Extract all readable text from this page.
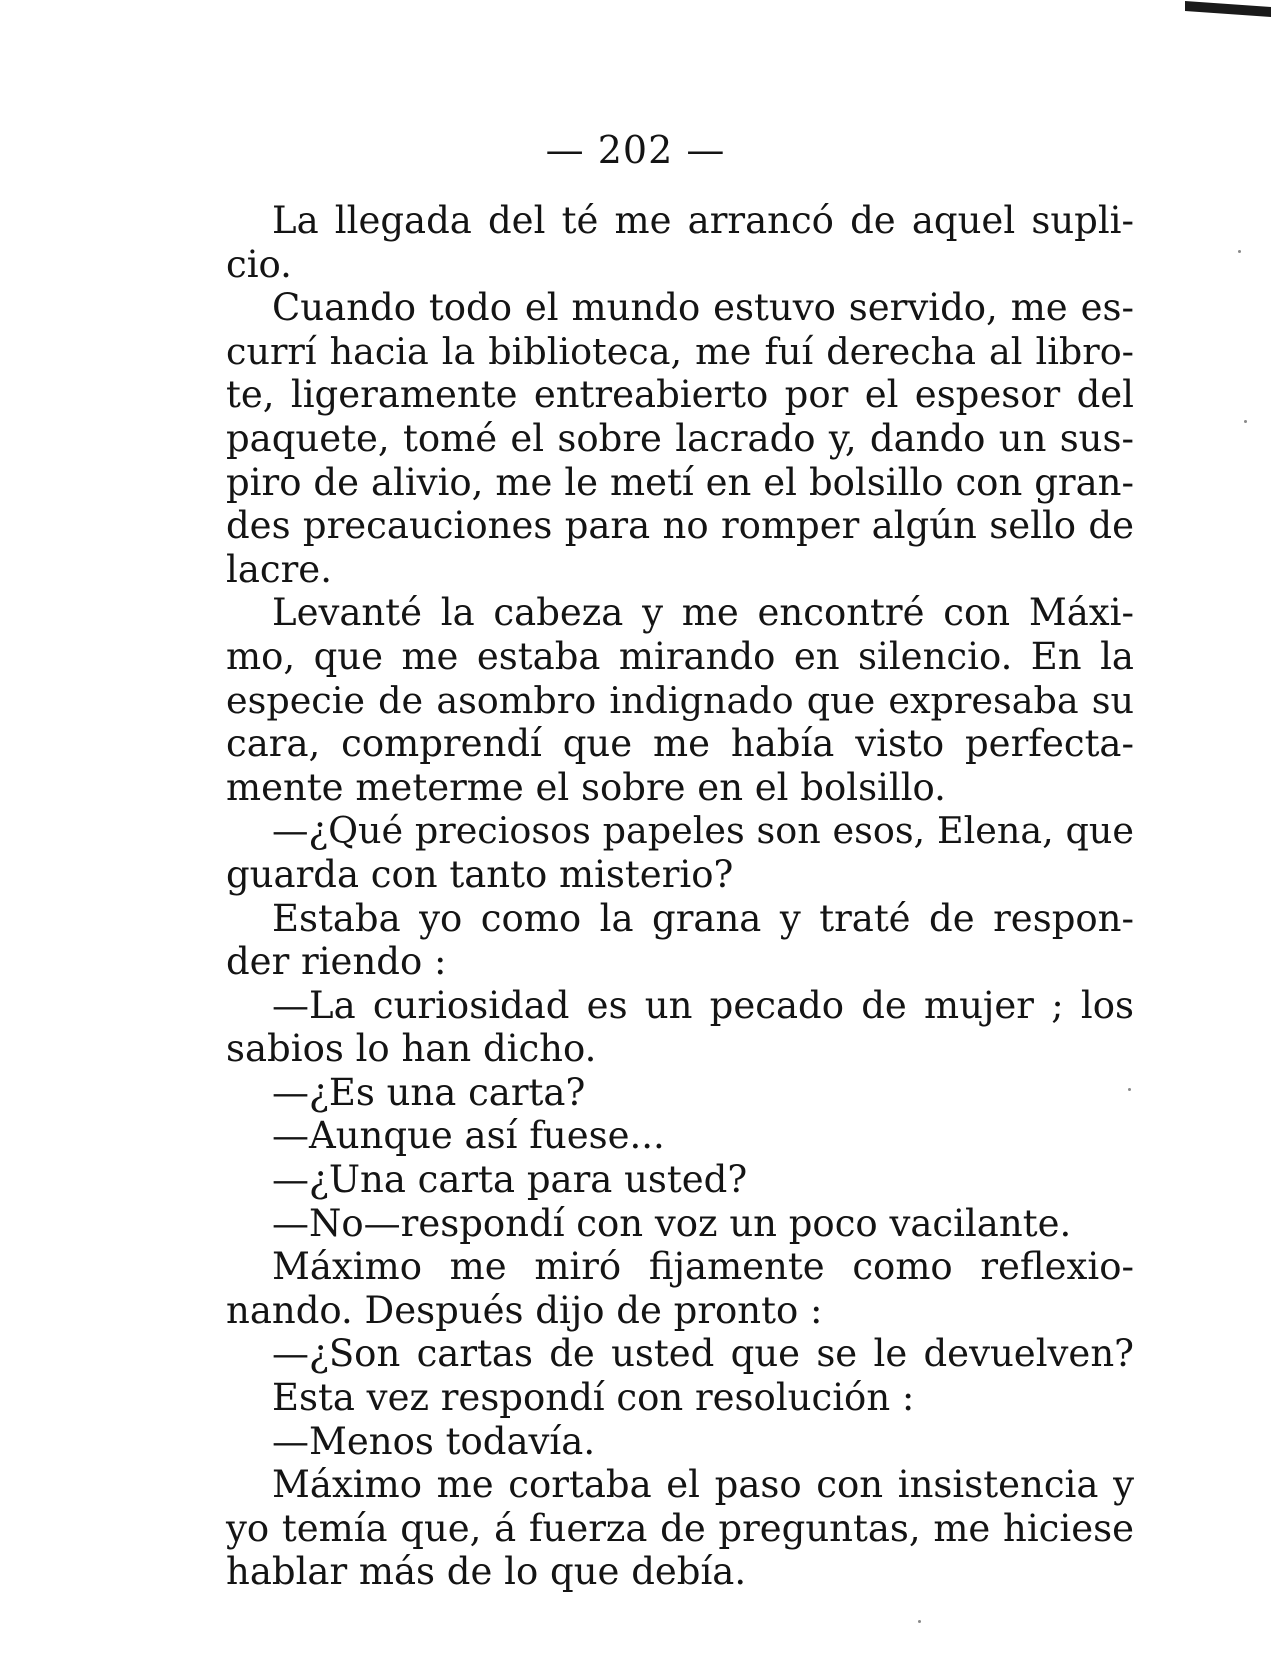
— 202 —
La llegada del té me arrancó de aquel supli-
cio.
Cuando todo el mundo estuvo servido, me es-
currí hacia la biblioteca, me fuí derecha al libro-
te, ligeramente entreabierto por el espesor del
paquete, tomé el sobre lacrado y, dando un sus-
piro de alivio, me le metí en el bolsillo con gran-
des precauciones para no romper algún sello de
lacre.
Levanté la cabeza y me encontré con Máxi-
mo, que me estaba mirando en silencio. En la
especie de asombro indignado que expresaba su
cara, comprendí que me había visto perfecta-
mente meterme el sobre en el bolsillo.
—¿Qué preciosos papeles son esos, Elena, que
guarda con tanto misterio?
Estaba yo como la grana y traté de respon-
der riendo :
—La curiosidad es un pecado de mujer ; los
sabios lo han dicho.
—¿Es una carta?
—Aunque así fuese...
—¿Una carta para usted?
—No—respondí con voz un poco vacilante.
Máximo me miró fijamente como reflexio-
nando. Después dijo de pronto :
—¿Son cartas de usted que se le devuelven?
Esta vez respondí con resolución :
—Menos todavía.
Máximo me cortaba el paso con insistencia y
yo temía que, á fuerza de preguntas, me hiciese
hablar más de lo que debía.
